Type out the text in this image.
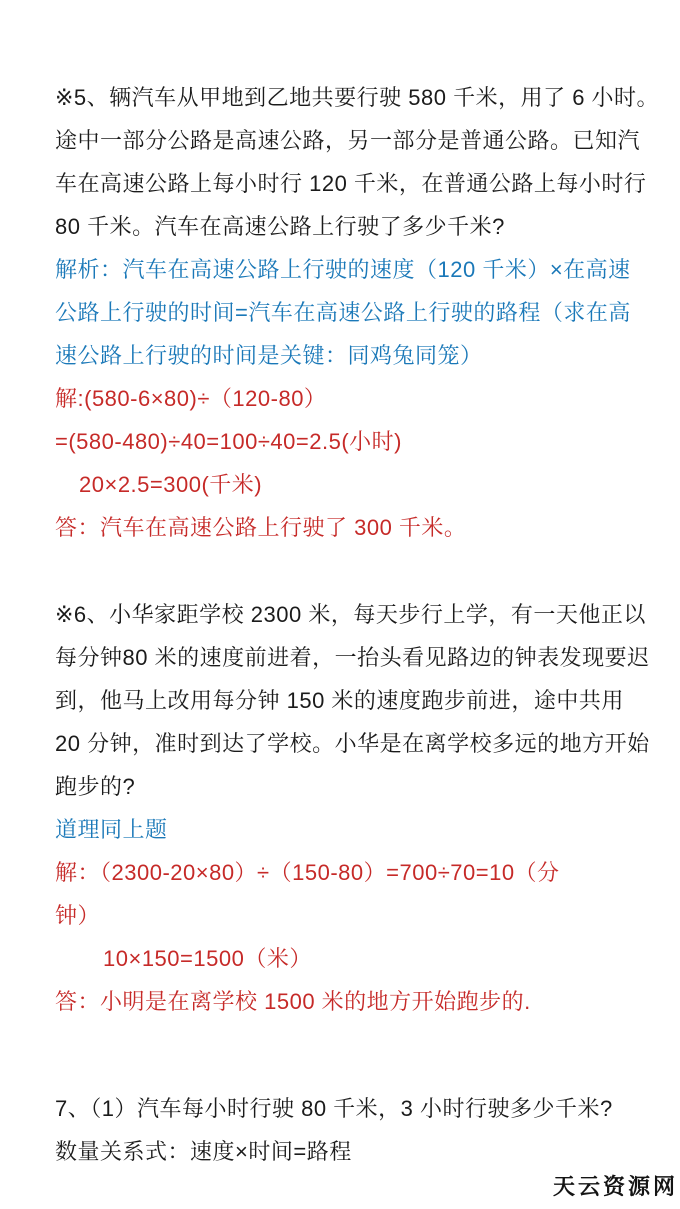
※5、辆汽车从甲地到乙地共要行驶 580 千米，用了 6 小时。
途中一部分公路是高速公路，另一部分是普通公路。已知汽
车在高速公路上每小时行 120 千米，在普通公路上每小时行
80 千米。汽车在高速公路上行驶了多少千米?
解析：汽车在高速公路上行驶的速度（120 千米）×在高速
公路上行驶的时间=汽车在高速公路上行驶的路程（求在高
速公路上行驶的时间是关键：同鸡兔同笼）
解:(580-6×80)÷（120-80）
=(580-480)÷40=100÷40=2.5(小时)
20×2.5=300(千米)
答：汽车在高速公路上行驶了 300 千米。
※6、小华家距学校 2300 米，每天步行上学，有一天他正以
每分钟80 米的速度前进着，一抬头看见路边的钟表发现要迟
到，他马上改用每分钟 150 米的速度跑步前进，途中共用
20 分钟，准时到达了学校。小华是在离学校多远的地方开始
跑步的?
道理同上题
解：（2300-20×80）÷（150-80）=700÷70=10（分
钟）
10×150=1500（米）
答：小明是在离学校 1500 米的地方开始跑步的.
7、（1）汽车每小时行驶 80 千米，3 小时行驶多少千米?
数量关系式：速度×时间=路程
天云资源网
